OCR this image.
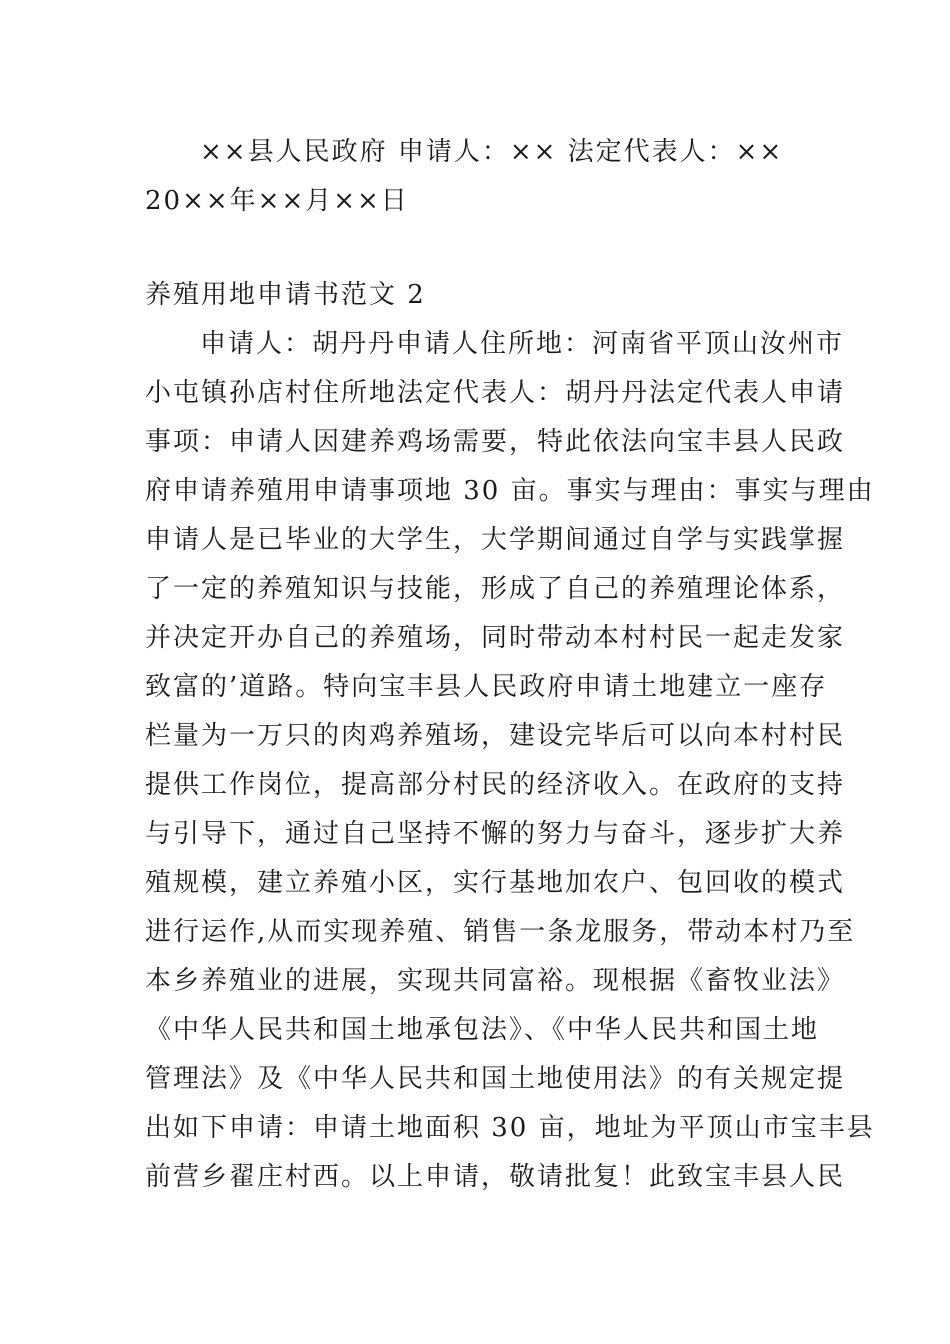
××县人民政府 申请人：×× 法定代表人：××
20××年××月××日
养殖用地申请书范文 2
申请人：胡丹丹申请人住所地：河南省平顶山汝州市
小屯镇孙店村住所地法定代表人：胡丹丹法定代表人申请
事项：申请人因建养鸡场需要，特此依法向宝丰县人民政
府申请养殖用申请事项地 30 亩。事实与理由：事实与理由
申请人是已毕业的大学生，大学期间通过自学与实践掌握
了一定的养殖知识与技能，形成了自己的养殖理论体系，
并决定开办自己的养殖场，同时带动本村村民一起走发家
致富的’道路。特向宝丰县人民政府申请土地建立一座存
栏量为一万只的肉鸡养殖场，建设完毕后可以向本村村民
提供工作岗位，提高部分村民的经济收入。在政府的支持
与引导下，通过自己坚持不懈的努力与奋斗，逐步扩大养
殖规模，建立养殖小区，实行基地加农户、包回收的模式
进行运作,从而实现养殖、销售一条龙服务，带动本村乃至
本乡养殖业的进展，实现共同富裕。现根据《畜牧业法》
《中华人民共和国土地承包法》、《中华人民共和国土地
管理法》及《中华人民共和国土地使用法》的有关规定提
出如下申请：申请土地面积 30 亩，地址为平顶山市宝丰县
前营乡翟庄村西。以上申请，敬请批复！此致宝丰县人民
